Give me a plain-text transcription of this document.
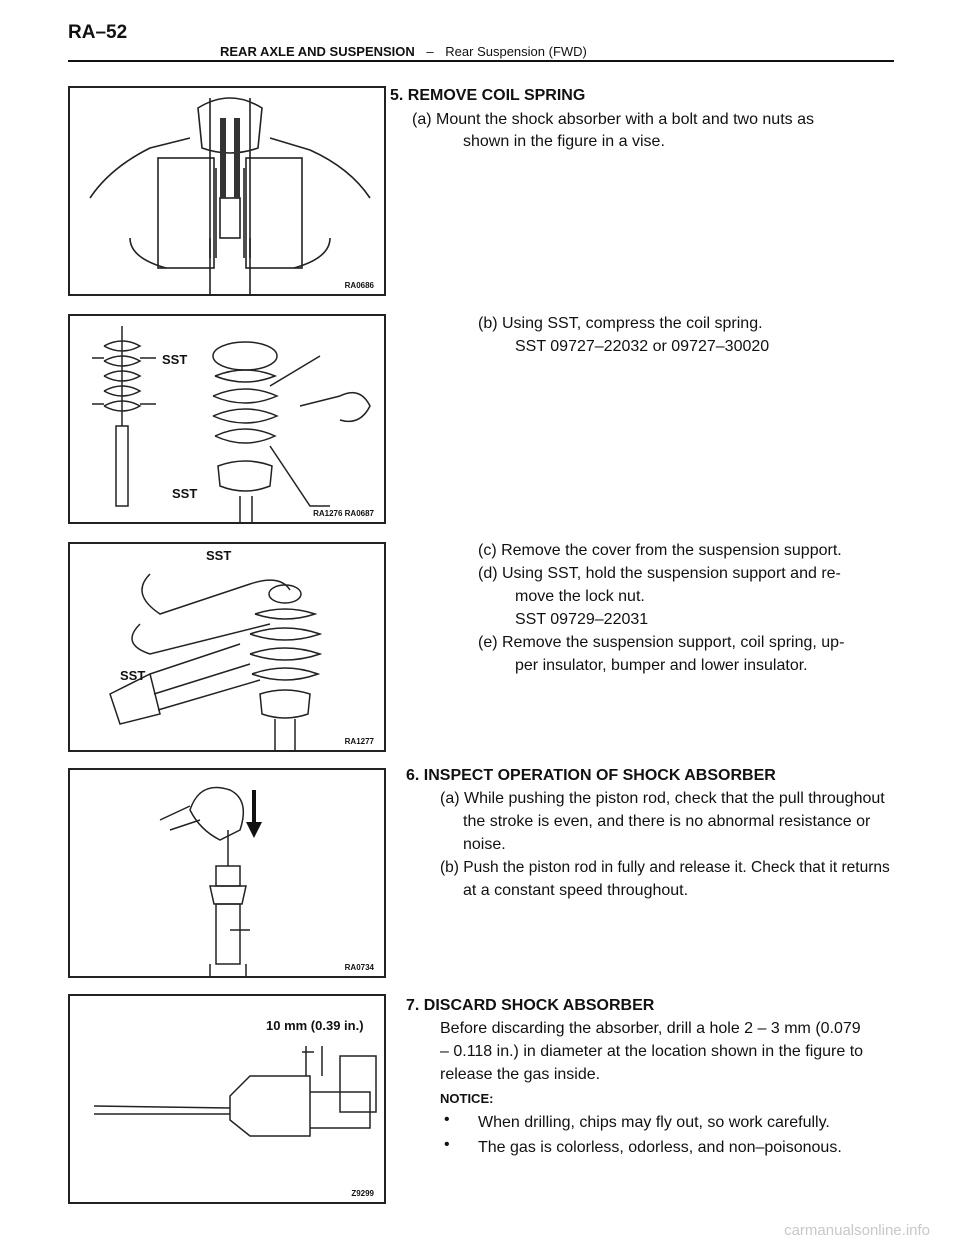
RA–52
REAR AXLE AND SUSPENSION – Rear Suspension (FWD)
RA0686
SST
SST
RA1276 RA0687
SST
SST
RA1277
RA0734
10 mm (0.39 in.)
Z9299
5. REMOVE COIL SPRING
(a) Mount the shock absorber with a bolt and two nuts as
shown in the figure in a vise.
(b) Using SST, compress the coil spring.
SST 09727–22032 or 09727–30020
(c) Remove the cover from the suspension support.
(d) Using SST, hold the suspension support and re-
move the lock nut.
SST 09729–22031
(e) Remove the suspension support, coil spring, up-
per insulator, bumper and lower insulator.
6. INSPECT OPERATION OF SHOCK ABSORBER
(a) While pushing the piston rod, check that the pull throughout
the stroke is even, and there is no abnormal resistance or
noise.
(b) Push the piston rod in fully and release it. Check that it returns
at a constant speed throughout.
7. DISCARD SHOCK ABSORBER
Before discarding the absorber, drill a hole 2 – 3 mm (0.079
– 0.118 in.) in diameter at the location shown in the figure to
release the gas inside.
NOTICE:
• When drilling, chips may fly out, so work carefully.
• The gas is colorless, odorless, and non–poisonous.
carmanualsonline.info
